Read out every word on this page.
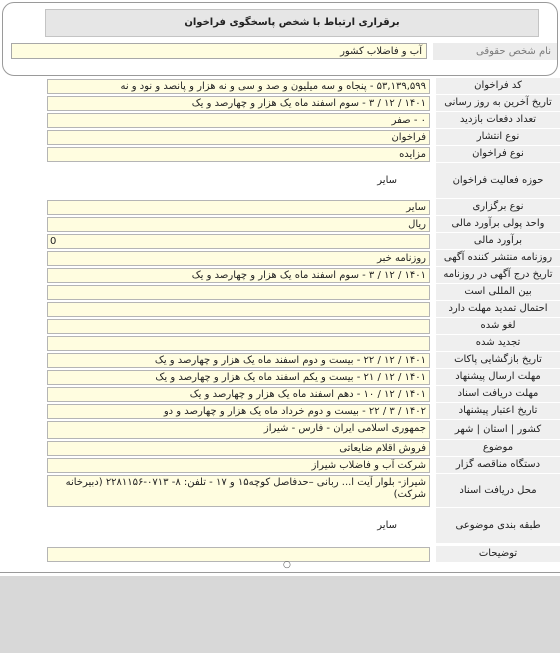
برقراری ارتباط با شخص پاسخگوی فراخوان
نام شخص حقوقی
آب و فاضلاب کشور
کد فراخوان
۵۳,۱۳۹,۵۹۹ - پنجاه و سه میلیون و صد و سی و نه هزار و پانصد و نود و نه
تاریخ آخرین به روز رسانی
۱۴۰۱ / ۱۲ / ۳ - سوم اسفند ماه یک هزار و چهارصد و یک
تعداد دفعات بازدید
۰ - صفر
نوع انتشار
فراخوان
نوع فراخوان
مزایده
حوزه فعالیت فراخوان
سایر
نوع برگزاری
سایر
واحد پولی برآورد مالی
ریال
برآورد مالی
0
روزنامه منتشر کننده آگهی
روزنامه خبر
تاریخ درج آگهی در روزنامه
۱۴۰۱ / ۱۲ / ۳ - سوم اسفند ماه یک هزار و چهارصد و یک
بین المللی است
احتمال تمدید مهلت دارد
لغو شده
تجدید شده
تاریخ بازگشایی پاکات
۱۴۰۱ / ۱۲ / ۲۲ - بیست و دوم اسفند ماه یک هزار و چهارصد و یک
مهلت ارسال پیشنهاد
۱۴۰۱ / ۱۲ / ۲۱ - بیست و یکم اسفند ماه یک هزار و چهارصد و یک
مهلت دریافت اسناد
۱۴۰۱ / ۱۲ / ۱۰ - دهم اسفند ماه یک هزار و چهارصد و یک
تاریخ اعتبار پیشنهاد
۱۴۰۲ / ۳ / ۲۲ - بیست و دوم خرداد ماه یک هزار و چهارصد و دو
کشور | استان | شهر
جمهوری اسلامی ایران - فارس - شیراز
موضوع
فروش اقلام ضایعاتی
دستگاه مناقصه گزار
شرکت آب و فاضلاب شیراز
محل دریافت اسناد
شیراز- بلوار آیت ا... ربانی –حدفاصل کوچه۱۵ و ۱۷ - تلفن: ۸- ۰۷۱۳-۲۲۸۱۱۵۶ (دبیرخانه شرکت)
طبقه بندی موضوعی
سایر
توضیحات
○
